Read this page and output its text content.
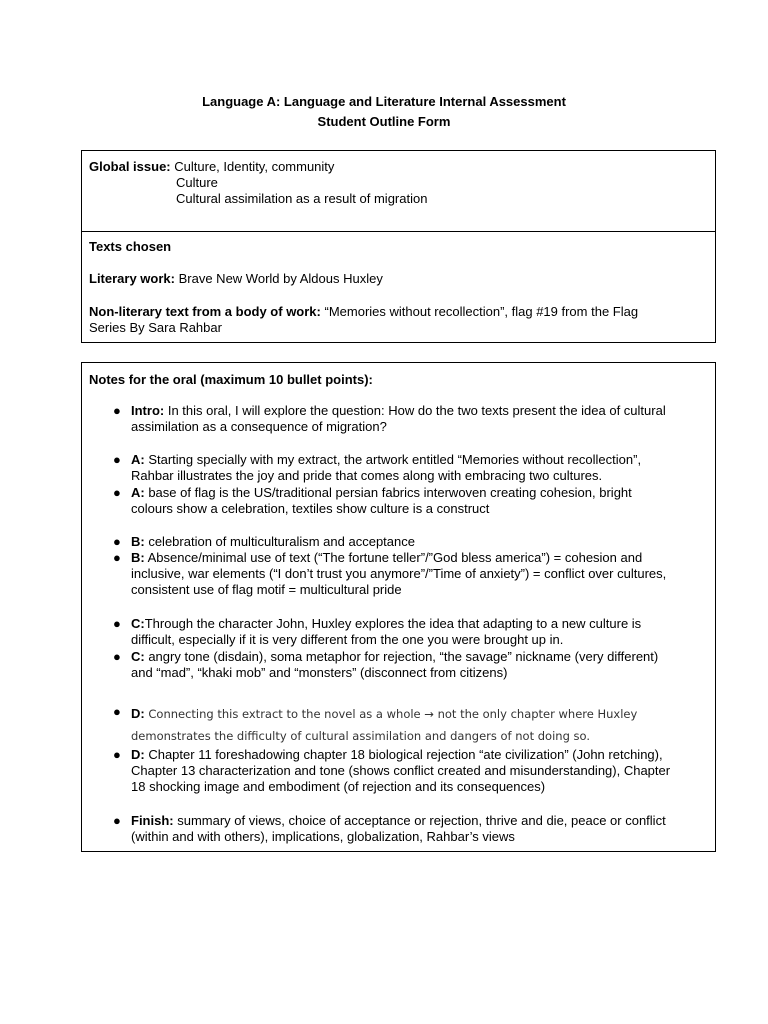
Language A: Language and Literature Internal Assessment
Student Outline Form
Global issue: Culture, Identity, community
Culture
Cultural assimilation as a result of migration
Texts chosen
Literary work: Brave New World by Aldous Huxley
Non-literary text from a body of work: “Memories without recollection”, flag #19 from the Flag
Series By Sara Rahbar
Notes for the oral (maximum 10 bullet points):
● Intro: In this oral, I will explore the question: How do the two texts present the idea of cultural
assimilation as a consequence of migration?
● A: Starting specially with my extract, the artwork entitled “Memories without recollection”,
Rahbar illustrates the joy and pride that comes along with embracing two cultures.
● A: base of flag is the US/traditional persian fabrics interwoven creating cohesion, bright
colours show a celebration, textiles show culture is a construct
● B: celebration of multiculturalism and acceptance
● B: Absence/minimal use of text (“The fortune teller”/”God bless america”) = cohesion and
inclusive, war elements (“I don’t trust you anymore”/”Time of anxiety”) = conflict over cultures,
consistent use of flag motif = multicultural pride
● C:Through the character John, Huxley explores the idea that adapting to a new culture is
difficult, especially if it is very different from the one you were brought up in.
● C: angry tone (disdain), soma metaphor for rejection, “the savage” nickname (very different)
and “mad”, “khaki mob” and “monsters” (disconnect from citizens)
● D: Connecting this extract to the novel as a whole → not the only chapter where Huxley
demonstrates the difficulty of cultural assimilation and dangers of not doing so.
● D: Chapter 11 foreshadowing chapter 18 biological rejection “ate civilization” (John retching),
Chapter 13 characterization and tone (shows conflict created and misunderstanding), Chapter
18 shocking image and embodiment (of rejection and its consequences)
● Finish: summary of views, choice of acceptance or rejection, thrive and die, peace or conflict
(within and with others), implications, globalization, Rahbar’s views
